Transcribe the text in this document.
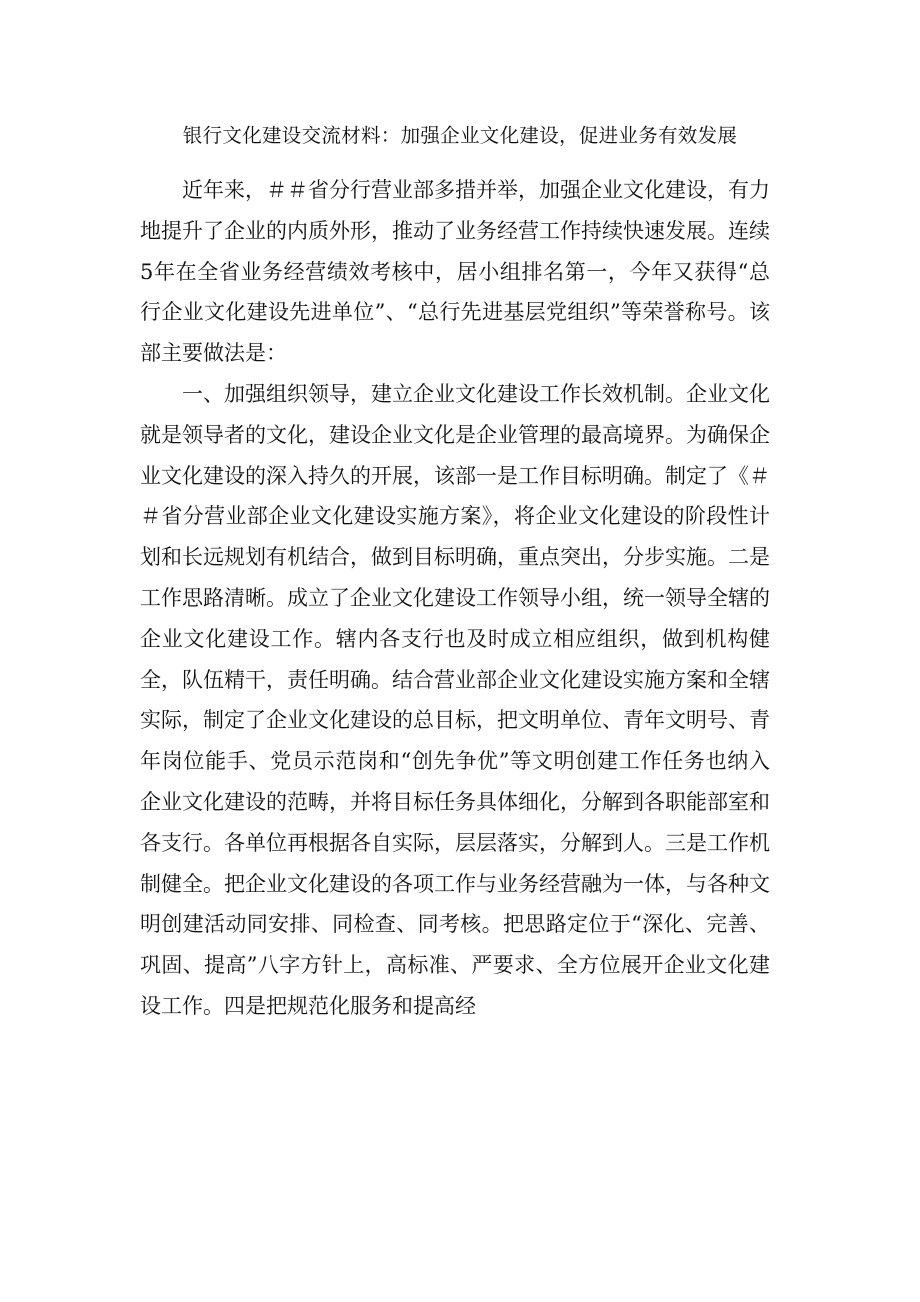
银行文化建设交流材料：加强企业文化建设，促进业务有效发展

近年来，＃＃省分行营业部多措并举，加强企业文化建设，有力地提升了企业的内质外形，推动了业务经营工作持续快速发展。连续5年在全省业务经营绩效考核中，居小组排名第一，今年又获得“总行企业文化建设先进单位”、“总行先进基层党组织”等荣誉称号。该部主要做法是：

一、加强组织领导，建立企业文化建设工作长效机制。企业文化就是领导者的文化，建设企业文化是企业管理的最高境界。为确保企业文化建设的深入持久的开展，该部一是工作目标明确。制定了《＃＃省分营业部企业文化建设实施方案》，将企业文化建设的阶段性计划和长远规划有机结合，做到目标明确，重点突出，分步实施。二是工作思路清晰。成立了企业文化建设工作领导小组，统一领导全辖的企业文化建设工作。辖内各支行也及时成立相应组织，做到机构健全，队伍精干，责任明确。结合营业部企业文化建设实施方案和全辖实际，制定了企业文化建设的总目标，把文明单位、青年文明号、青年岗位能手、党员示范岗和“创先争优”等文明创建工作任务也纳入企业文化建设的范畴，并将目标任务具体细化，分解到各职能部室和各支行。各单位再根据各自实际，层层落实，分解到人。三是工作机制健全。把企业文化建设的各项工作与业务经营融为一体，与各种文明创建活动同安排、同检查、同考核。把思路定位于“深化、完善、巩固、提高”八字方针上，高标准、严要求、全方位展开企业文化建设工作。四是把规范化服务和提高经
